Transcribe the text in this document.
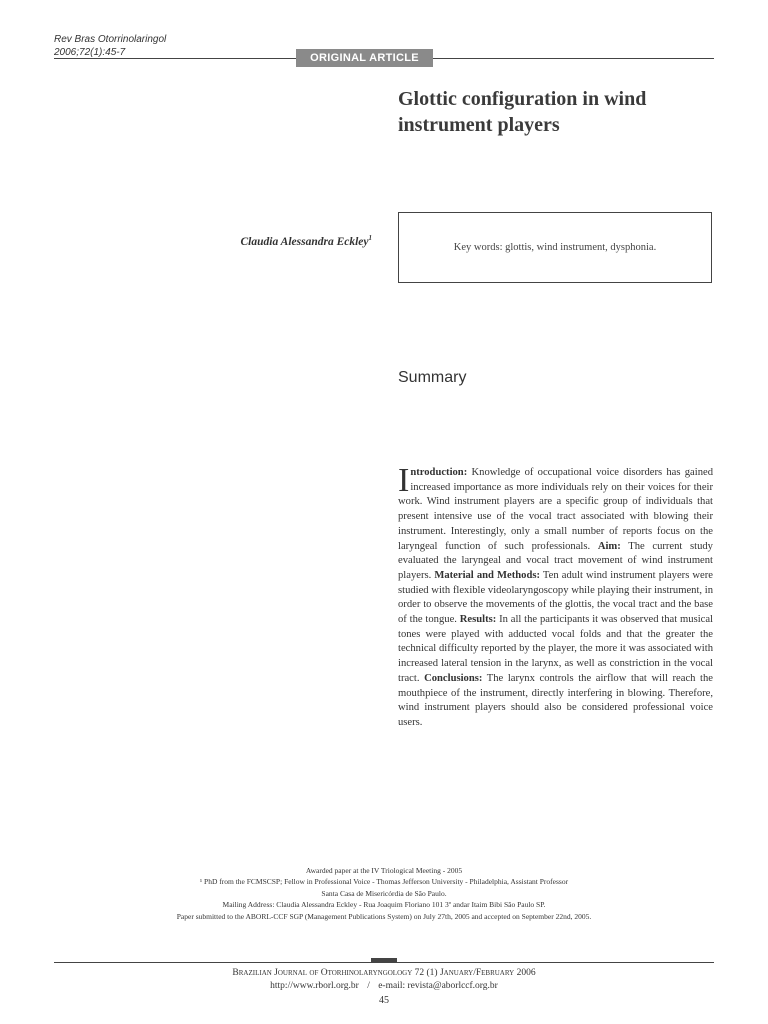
Rev Bras Otorrinolaringol
2006;72(1):45-7	ORIGINAL ARTICLE
Glottic configuration in wind instrument players
Claudia Alessandra Eckley$^1$
Key words: glottis, wind instrument, dysphonia.
Summary

Introduction: Knowledge of occupational voice disorders has gained increased importance as more individuals rely on their voices for their work. Wind instrument players are a specific group of individuals that present intensive use of the vocal tract associated with blowing their instrument. Interestingly, only a small number of reports focus on the laryngeal function of such professionals. Aim: The current study evaluated the laryngeal and vocal tract movement of wind instrument players. Material and Methods: Ten adult wind instrument players were studied with flexible videolaryngoscopy while playing their instrument, in order to observe the movements of the glottis, the vocal tract and the base of the tongue. Results: In all the participants it was observed that musical tones were played with adducted vocal folds and that the greater the technical difficulty reported by the player, the more it was associated with increased lateral tension in the larynx, as well as constriction in the vocal tract. Conclusions: The larynx controls the airflow that will reach the mouthpiece of the instrument, directly interfering in blowing. Therefore, wind instrument players should also be considered professional voice users.

Awarded paper at the IV Triological Meeting - 2005
¹ PhD from the FCMSCSP; Fellow in Professional Voice - Thomas Jefferson University - Philadelphia, Assistant Professor
Santa Casa de Misericórdia de São Paulo.
Mailing Address: Claudia Alessandra Eckley - Rua Joaquim Floriano 101 3º andar Itaim Bibi São Paulo SP.
Paper submitted to the ABORL-CCF SGP (Management Publications System) on July 27th, 2005 and accepted on September 22nd, 2005.
Brazilian Journal of Otorhinolaryngology 72 (1) January/February 2006
http://www.rborl.org.br / e-mail: revista@aborlccf.org.br
45
